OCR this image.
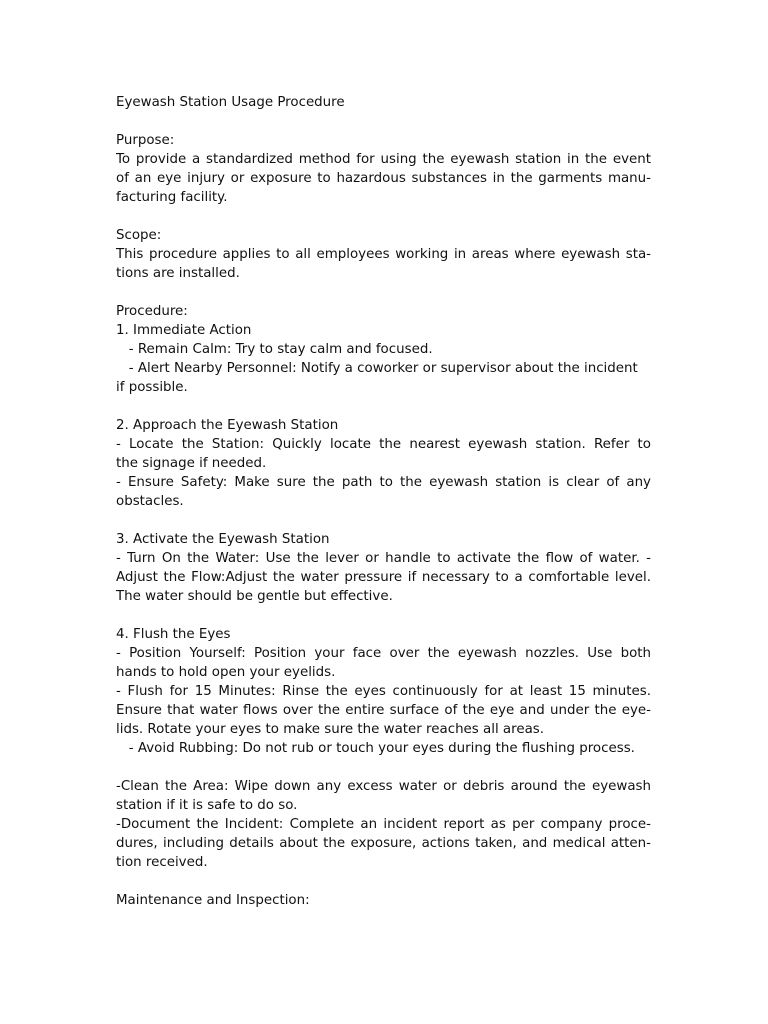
Eyewash Station Usage Procedure
Purpose:
To provide a standardized method for using the eyewash station in the event
of an eye injury or exposure to hazardous substances in the garments manu-
facturing facility.
Scope:
This procedure applies to all employees working in areas where eyewash sta-
tions are installed.
Procedure:
1. Immediate Action
- Remain Calm: Try to stay calm and focused.
- Alert Nearby Personnel: Notify a coworker or supervisor about the incident
if possible.
2. Approach the Eyewash Station
- Locate the Station: Quickly locate the nearest eyewash station. Refer to
the signage if needed.
- Ensure Safety: Make sure the path to the eyewash station is clear of any
obstacles.
3. Activate the Eyewash Station
- Turn On the Water: Use the lever or handle to activate the flow of water. -
Adjust the Flow:Adjust the water pressure if necessary to a comfortable level.
The water should be gentle but effective.
4. Flush the Eyes
- Position Yourself: Position your face over the eyewash nozzles. Use both
hands to hold open your eyelids.
- Flush for 15 Minutes: Rinse the eyes continuously for at least 15 minutes.
Ensure that water flows over the entire surface of the eye and under the eye-
lids. Rotate your eyes to make sure the water reaches all areas.
- Avoid Rubbing: Do not rub or touch your eyes during the flushing process.
-Clean the Area: Wipe down any excess water or debris around the eyewash
station if it is safe to do so.
-Document the Incident: Complete an incident report as per company proce-
dures, including details about the exposure, actions taken, and medical atten-
tion received.
Maintenance and Inspection:
